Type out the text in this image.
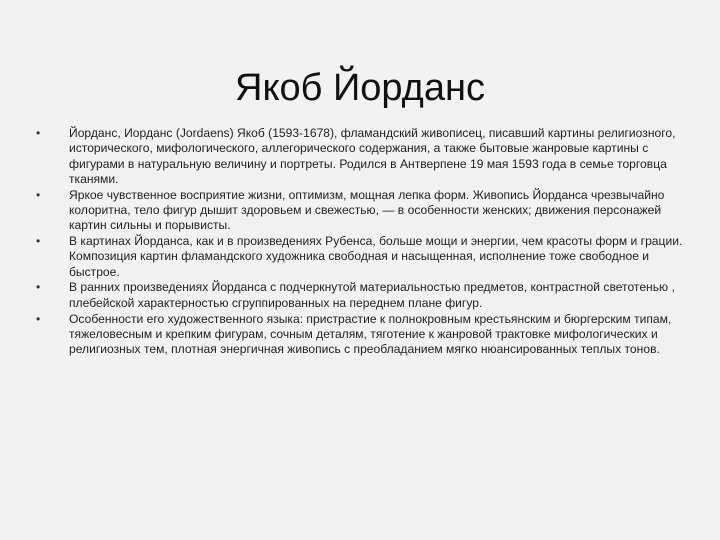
Якоб Йорданс
• Йорданс, Иорданс (Jordaens) Якоб (1593-1678), фламандский живописец, писавший картины религиозного, исторического, мифологического, аллегорического содержания, а также бытовые жанровые картины с фигурами в натуральную величину и портреты. Родился в Антверпене 19 мая 1593 года в семье торговца тканями.
• Яркое чувственное восприятие жизни, оптимизм, мощная лепка форм. Живопись Йорданса чрезвычайно колоритна, тело фигур дышит здоровьем и свежестью, — в особенности женских; движения персонажей картин сильны и порывисты.
• В картинах Йорданса, как и в произведениях Рубенса, больше мощи и энергии, чем красоты форм и грации. Композиция картин фламандского художника свободная и насыщенная, исполнение тоже свободное и быстрое.
• В ранних произведениях Йорданса с подчеркнутой материальностью предметов, контрастной светотенью , плебейской характерностью сгруппированных на переднем плане фигур.
• Особенности его художественного языка: пристрастие к полнокровным крестьянским и бюргерским типам, тяжеловесным и крепким фигурам, сочным деталям, тяготение к жанровой трактовке мифологических и религиозных тем, плотная энергичная живопись с преобладанием мягко нюансированных теплых тонов.
